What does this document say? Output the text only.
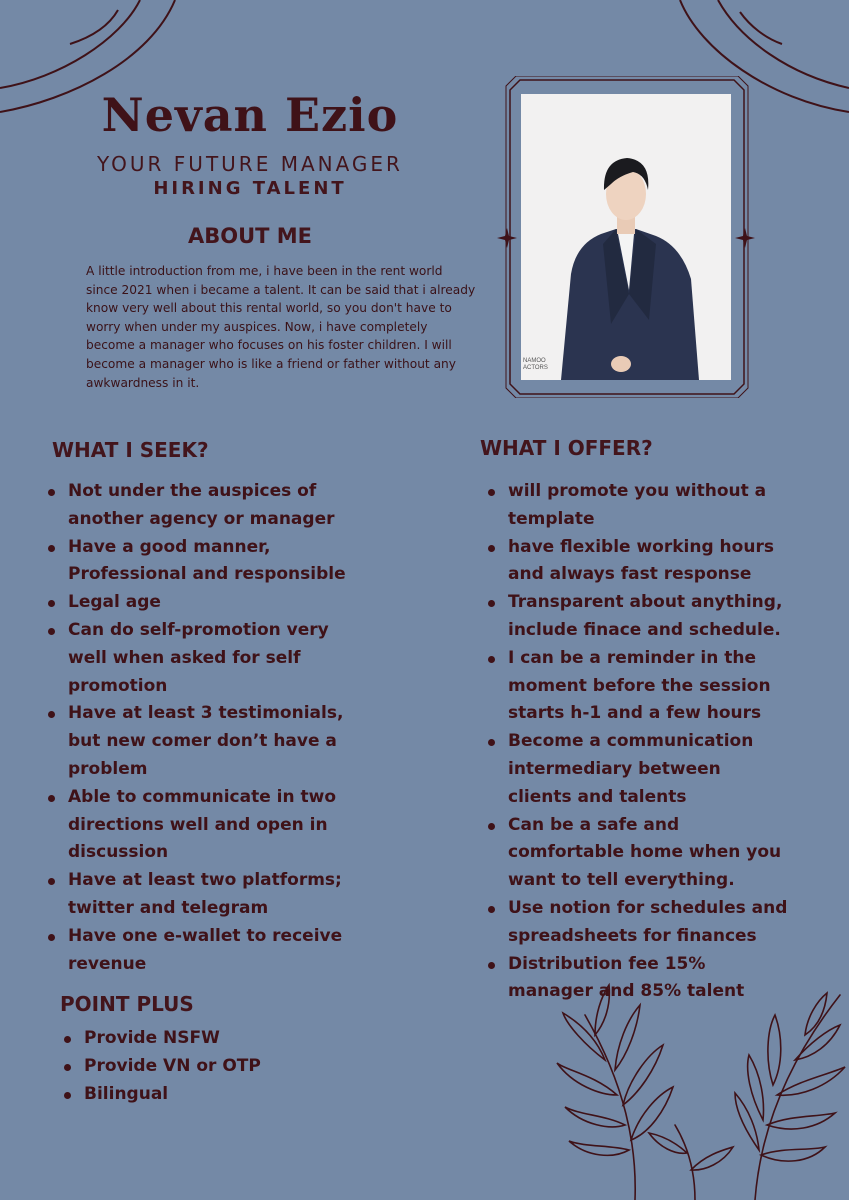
Nevan Ezio
YOUR FUTURE MANAGER
HIRING TALENT
ABOUT ME

A little introduction from me, i have been in the rent world since 2021 when i became a talent. It can be said that i already know very well about this rental world, so you don't have to worry when under my auspices. Now, i have completely become a manager who focuses on his foster children. I will become a manager who is like a friend or father without any awkwardness in it.

NAMOO ACTORS
WHAT I SEEK?
Not under the auspices of another agency or manager
Have a good manner, Professional and responsible
Legal age
Can do self-promotion very well when asked for self promotion
Have at least 3 testimonials, but new comer don’t have a problem
Able to communicate in two directions well and open in discussion
Have at least two platforms; twitter and telegram
Have one e-wallet to receive revenue
POINT PLUS
Provide NSFW
Provide VN or OTP
Bilingual
WHAT I OFFER?
will promote you without a template
have flexible working hours and always fast response
Transparent about anything, include finace and schedule.
I can be a reminder in the moment before the session starts h-1 and a few hours
Become a communication intermediary between clients and talents
Can be a safe and comfortable home when you want to tell everything.
Use notion for schedules and spreadsheets for finances
Distribution fee 15% manager and 85% talent
